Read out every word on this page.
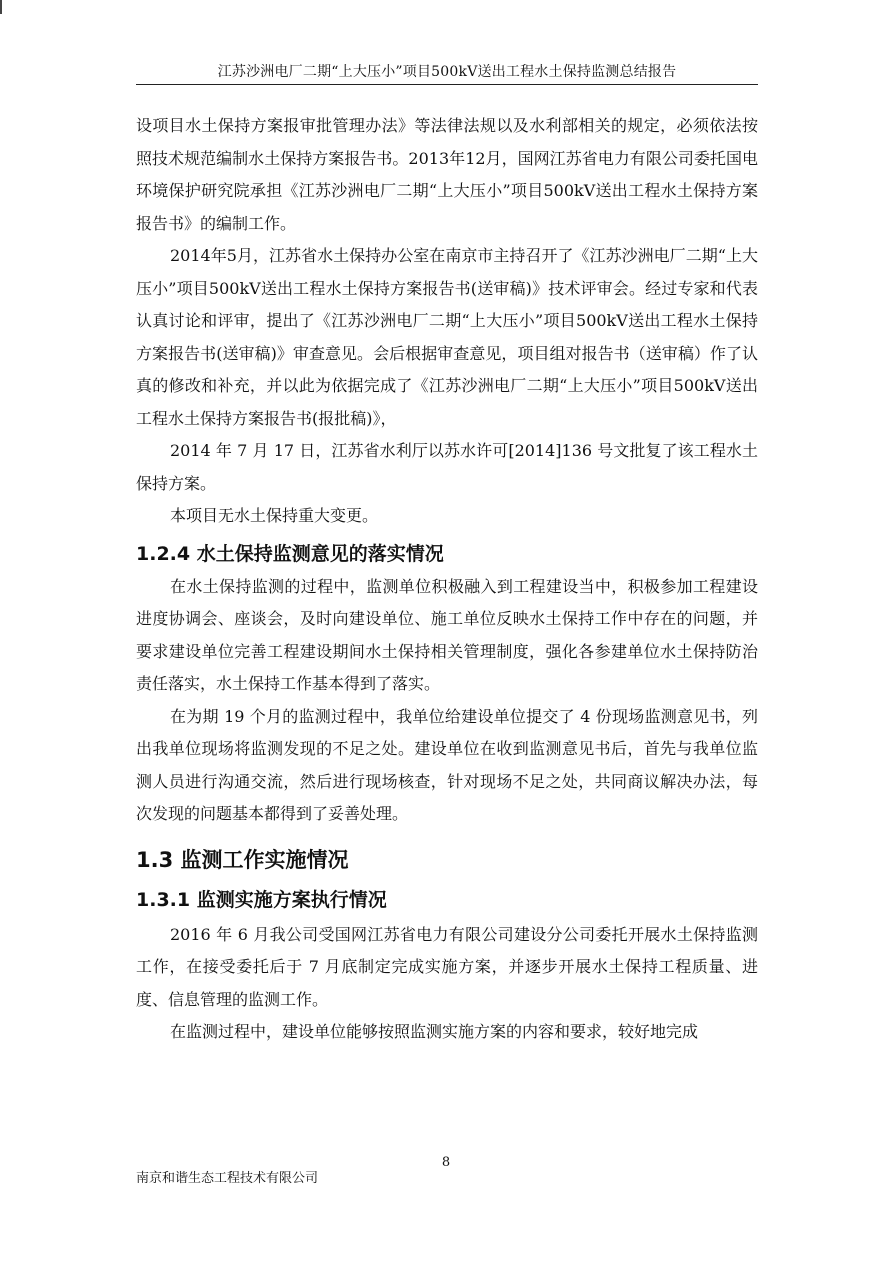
江苏沙洲电厂二期“上大压小”项目500kV送出工程水土保持监测总结报告

设项目水土保持方案报审批管理办法》等法律法规以及水利部相关的规定，必须依法按照技术规范编制水土保持方案报告书。2013年12月，国网江苏省电力有限公司委托国电环境保护研究院承担《江苏沙洲电厂二期“上大压小”项目500kV送出工程水土保持方案报告书》的编制工作。

2014年5月，江苏省水土保持办公室在南京市主持召开了《江苏沙洲电厂二期“上大压小”项目500kV送出工程水土保持方案报告书(送审稿)》技术评审会。经过专家和代表认真讨论和评审，提出了《江苏沙洲电厂二期“上大压小”项目500kV送出工程水土保持方案报告书(送审稿)》审查意见。会后根据审查意见，项目组对报告书（送审稿）作了认真的修改和补充，并以此为依据完成了《江苏沙洲电厂二期“上大压小”项目500kV送出工程水土保持方案报告书(报批稿)》，

2014 年 7 月 17 日，江苏省水利厅以苏水许可[2014]136 号文批复了该工程水土保持方案。

本项目无水土保持重大变更。

1.2.4 水土保持监测意见的落实情况

在水土保持监测的过程中，监测单位积极融入到工程建设当中，积极参加工程建设进度协调会、座谈会，及时向建设单位、施工单位反映水土保持工作中存在的问题，并要求建设单位完善工程建设期间水土保持相关管理制度，强化各参建单位水土保持防治责任落实，水土保持工作基本得到了落实。

在为期 19 个月的监测过程中，我单位给建设单位提交了 4 份现场监测意见书，列出我单位现场将监测发现的不足之处。建设单位在收到监测意见书后，首先与我单位监测人员进行沟通交流，然后进行现场核查，针对现场不足之处，共同商议解决办法，每次发现的问题基本都得到了妥善处理。

1.3 监测工作实施情况
1.3.1 监测实施方案执行情况

2016 年 6 月我公司受国网江苏省电力有限公司建设分公司委托开展水土保持监测工作，在接受委托后于 7 月底制定完成实施方案，并逐步开展水土保持工程质量、进度、信息管理的监测工作。

在监测过程中，建设单位能够按照监测实施方案的内容和要求，较好地完成

8
南京和谐生态工程技术有限公司
